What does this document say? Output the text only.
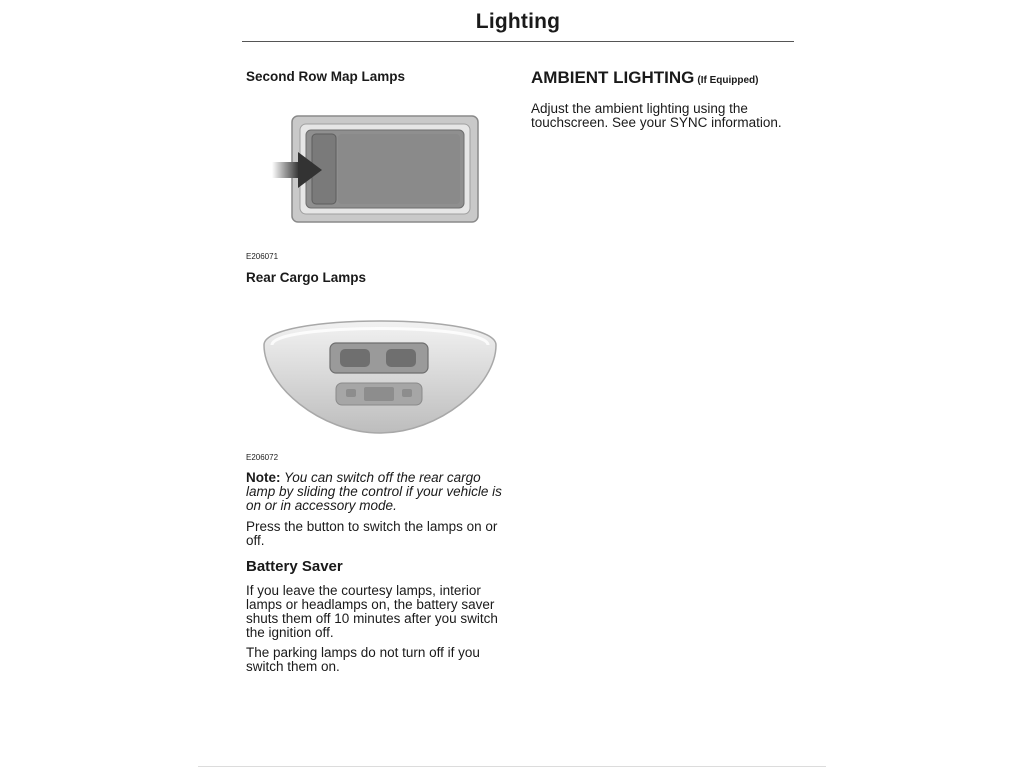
Lighting
Second Row Map Lamps
E206071
Rear Cargo Lamps
E206072
Note: You can switch off the rear cargo lamp by sliding the control if your vehicle is on or in accessory mode.
Press the button to switch the lamps on or off.
Battery Saver
If you leave the courtesy lamps, interior lamps or headlamps on, the battery saver shuts them off 10 minutes after you switch the ignition off.
The parking lamps do not turn off if you switch them on.
AMBIENT LIGHTING (If Equipped)
Adjust the ambient lighting using the touchscreen. See your SYNC information.
